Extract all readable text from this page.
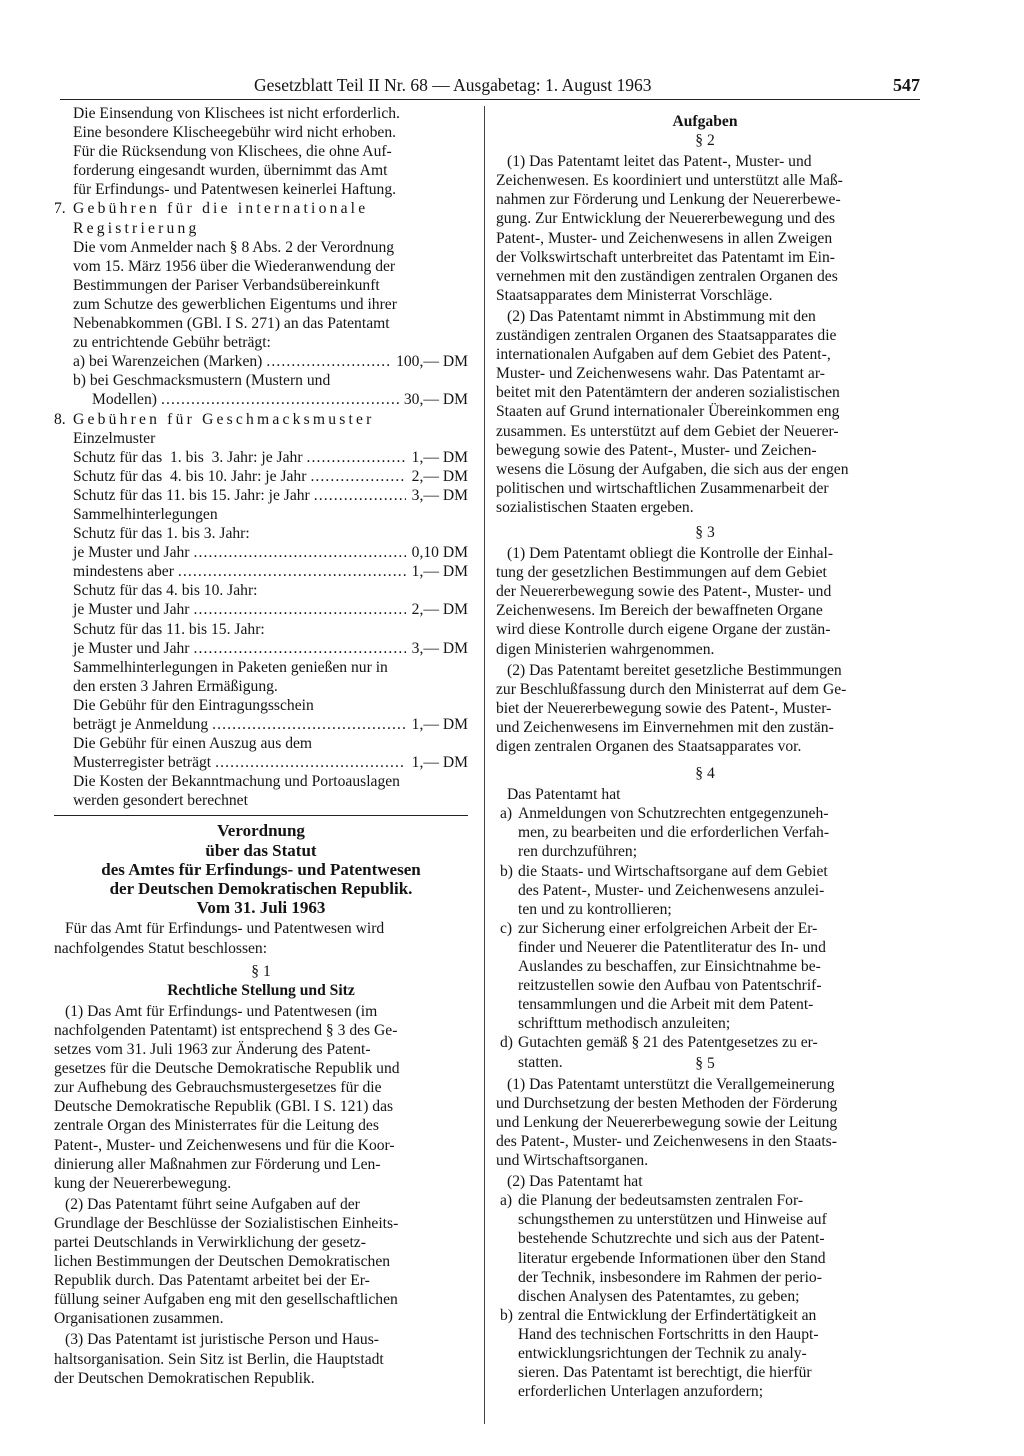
Gesetzblatt Teil II Nr. 68 — Ausgabetag: 1. August 1963	547

Die Einsendung von Klischees ist nicht erforderlich.

Eine besondere Klischeegebühr wird nicht erhoben.

Für die Rücksendung von Klischees, die ohne Auf-

forderung eingesandt wurden, übernimmt das Amt

für Erfindungs- und Patentwesen keinerlei Haftung.

7. Gebühren für die internationale

Registrierung

Die vom Anmelder nach § 8 Abs. 2 der Verordnung

vom 15. März 1956 über die Wiederanwendung der

Bestimmungen der Pariser Verbandsübereinkunft

zum Schutze des gewerblichen Eigentums und ihrer

Nebenabkommen (GBl. I S. 271) an das Patentamt

zu entrichtende Gebühr beträgt:

a) bei Warenzeichen (Marken) . . .	100,— DM

b) bei Geschmacksmustern (Mustern und

Modellen) . . .	30,— DM
8. Gebühren für Geschmacksmuster

Einzelmuster

Schutz für das  1. bis  3. Jahr: je Jahr . . .	1,— DM
Schutz für das  4. bis 10. Jahr: je Jahr . . .	2,— DM
Schutz für das 11. bis 15. Jahr: je Jahr . . .	3,— DM

Sammelhinterlegungen

Schutz für das 1. bis 3. Jahr:

je Muster und Jahr . . .	0,10 DM
mindestens aber . . .	1,— DM

Schutz für das 4. bis 10. Jahr:

je Muster und Jahr . . .	2,— DM

Schutz für das 11. bis 15. Jahr:

je Muster und Jahr . . .	3,— DM

Sammelhinterlegungen in Paketen genießen nur in

den ersten 3 Jahren Ermäßigung.

Die Gebühr für den Eintragungsschein

beträgt je Anmeldung . . .	1,— DM

Die Gebühr für einen Auszug aus dem

Musterregister beträgt . . .	1,— DM

Die Kosten der Bekanntmachung und Portoauslagen

werden gesondert berechnet

Verordnung

über das Statut

des Amtes für Erfindungs- und Patentwesen

der Deutschen Demokratischen Republik.

Vom 31. Juli 1963

Für das Amt für Erfindungs- und Patentwesen wird

nachfolgendes Statut beschlossen:

§ 1

Rechtliche Stellung und Sitz

(1) Das Amt für Erfindungs- und Patentwesen (im

nachfolgenden Patentamt) ist entsprechend § 3 des Ge-

setzes vom 31. Juli 1963 zur Änderung des Patent-

gesetzes für die Deutsche Demokratische Republik und

zur Aufhebung des Gebrauchsmustergesetzes für die

Deutsche Demokratische Republik (GBl. I S. 121) das

zentrale Organ des Ministerrates für die Leitung des

Patent-, Muster- und Zeichenwesens und für die Koor-

dinierung aller Maßnahmen zur Förderung und Len-

kung der Neuererbewegung.

(2) Das Patentamt führt seine Aufgaben auf der

Grundlage der Beschlüsse der Sozialistischen Einheits-

partei Deutschlands in Verwirklichung der gesetz-

lichen Bestimmungen der Deutschen Demokratischen

Republik durch. Das Patentamt arbeitet bei der Er-

füllung seiner Aufgaben eng mit den gesellschaftlichen

Organisationen zusammen.

(3) Das Patentamt ist juristische Person und Haus-

haltsorganisation. Sein Sitz ist Berlin, die Hauptstadt

der Deutschen Demokratischen Republik.

Aufgaben

§ 2

(1) Das Patentamt leitet das Patent-, Muster- und

Zeichenwesen. Es koordiniert und unterstützt alle Maß-

nahmen zur Förderung und Lenkung der Neuererbewe-

gung. Zur Entwicklung der Neuererbewegung und des

Patent-, Muster- und Zeichenwesens in allen Zweigen

der Volkswirtschaft unterbreitet das Patentamt im Ein-

vernehmen mit den zuständigen zentralen Organen des

Staatsapparates dem Ministerrat Vorschläge.

(2) Das Patentamt nimmt in Abstimmung mit den

zuständigen zentralen Organen des Staatsapparates die

internationalen Aufgaben auf dem Gebiet des Patent-,

Muster- und Zeichenwesens wahr. Das Patentamt ar-

beitet mit den Patentämtern der anderen sozialistischen

Staaten auf Grund internationaler Übereinkommen eng

zusammen. Es unterstützt auf dem Gebiet der Neuerer-

bewegung sowie des Patent-, Muster- und Zeichen-

wesens die Lösung der Aufgaben, die sich aus der engen

politischen und wirtschaftlichen Zusammenarbeit der

sozialistischen Staaten ergeben.

§ 3

(1) Dem Patentamt obliegt die Kontrolle der Einhal-

tung der gesetzlichen Bestimmungen auf dem Gebiet

der Neuererbewegung sowie des Patent-, Muster- und

Zeichenwesens. Im Bereich der bewaffneten Organe

wird diese Kontrolle durch eigene Organe der zustän-

digen Ministerien wahrgenommen.

(2) Das Patentamt bereitet gesetzliche Bestimmungen

zur Beschlußfassung durch den Ministerrat auf dem Ge-

biet der Neuererbewegung sowie des Patent-, Muster-

und Zeichenwesens im Einvernehmen mit den zustän-

digen zentralen Organen des Staatsapparates vor.

§ 4

Das Patentamt hat

a) Anmeldungen von Schutzrechten entgegenzuneh-

men, zu bearbeiten und die erforderlichen Verfah-

ren durchzuführen;

b) die Staats- und Wirtschaftsorgane auf dem Gebiet

des Patent-, Muster- und Zeichenwesens anzulei-

ten und zu kontrollieren;

c) zur Sicherung einer erfolgreichen Arbeit der Er-

finder und Neuerer die Patentliteratur des In- und

Auslandes zu beschaffen, zur Einsichtnahme be-

reitzustellen sowie den Aufbau von Patentschrif-

tensammlungen und die Arbeit mit dem Patent-

schrifttum methodisch anzuleiten;

d) Gutachten gemäß § 21 des Patentgesetzes zu er-

statten.	§ 5

(1) Das Patentamt unterstützt die Verallgemeinerung

und Durchsetzung der besten Methoden der Förderung

und Lenkung der Neuererbewegung sowie der Leitung

des Patent-, Muster- und Zeichenwesens in den Staats-

und Wirtschaftsorganen.

(2) Das Patentamt hat

a) die Planung der bedeutsamsten zentralen For-

schungsthemen zu unterstützen und Hinweise auf

bestehende Schutzrechte und sich aus der Patent-

literatur ergebende Informationen über den Stand

der Technik, insbesondere im Rahmen der perio-

dischen Analysen des Patentamtes, zu geben;

b) zentral die Entwicklung der Erfindertätigkeit an

Hand des technischen Fortschritts in den Haupt-

entwicklungsrichtungen der Technik zu analy-

sieren. Das Patentamt ist berechtigt, die hierfür

erforderlichen Unterlagen anzufordern;
